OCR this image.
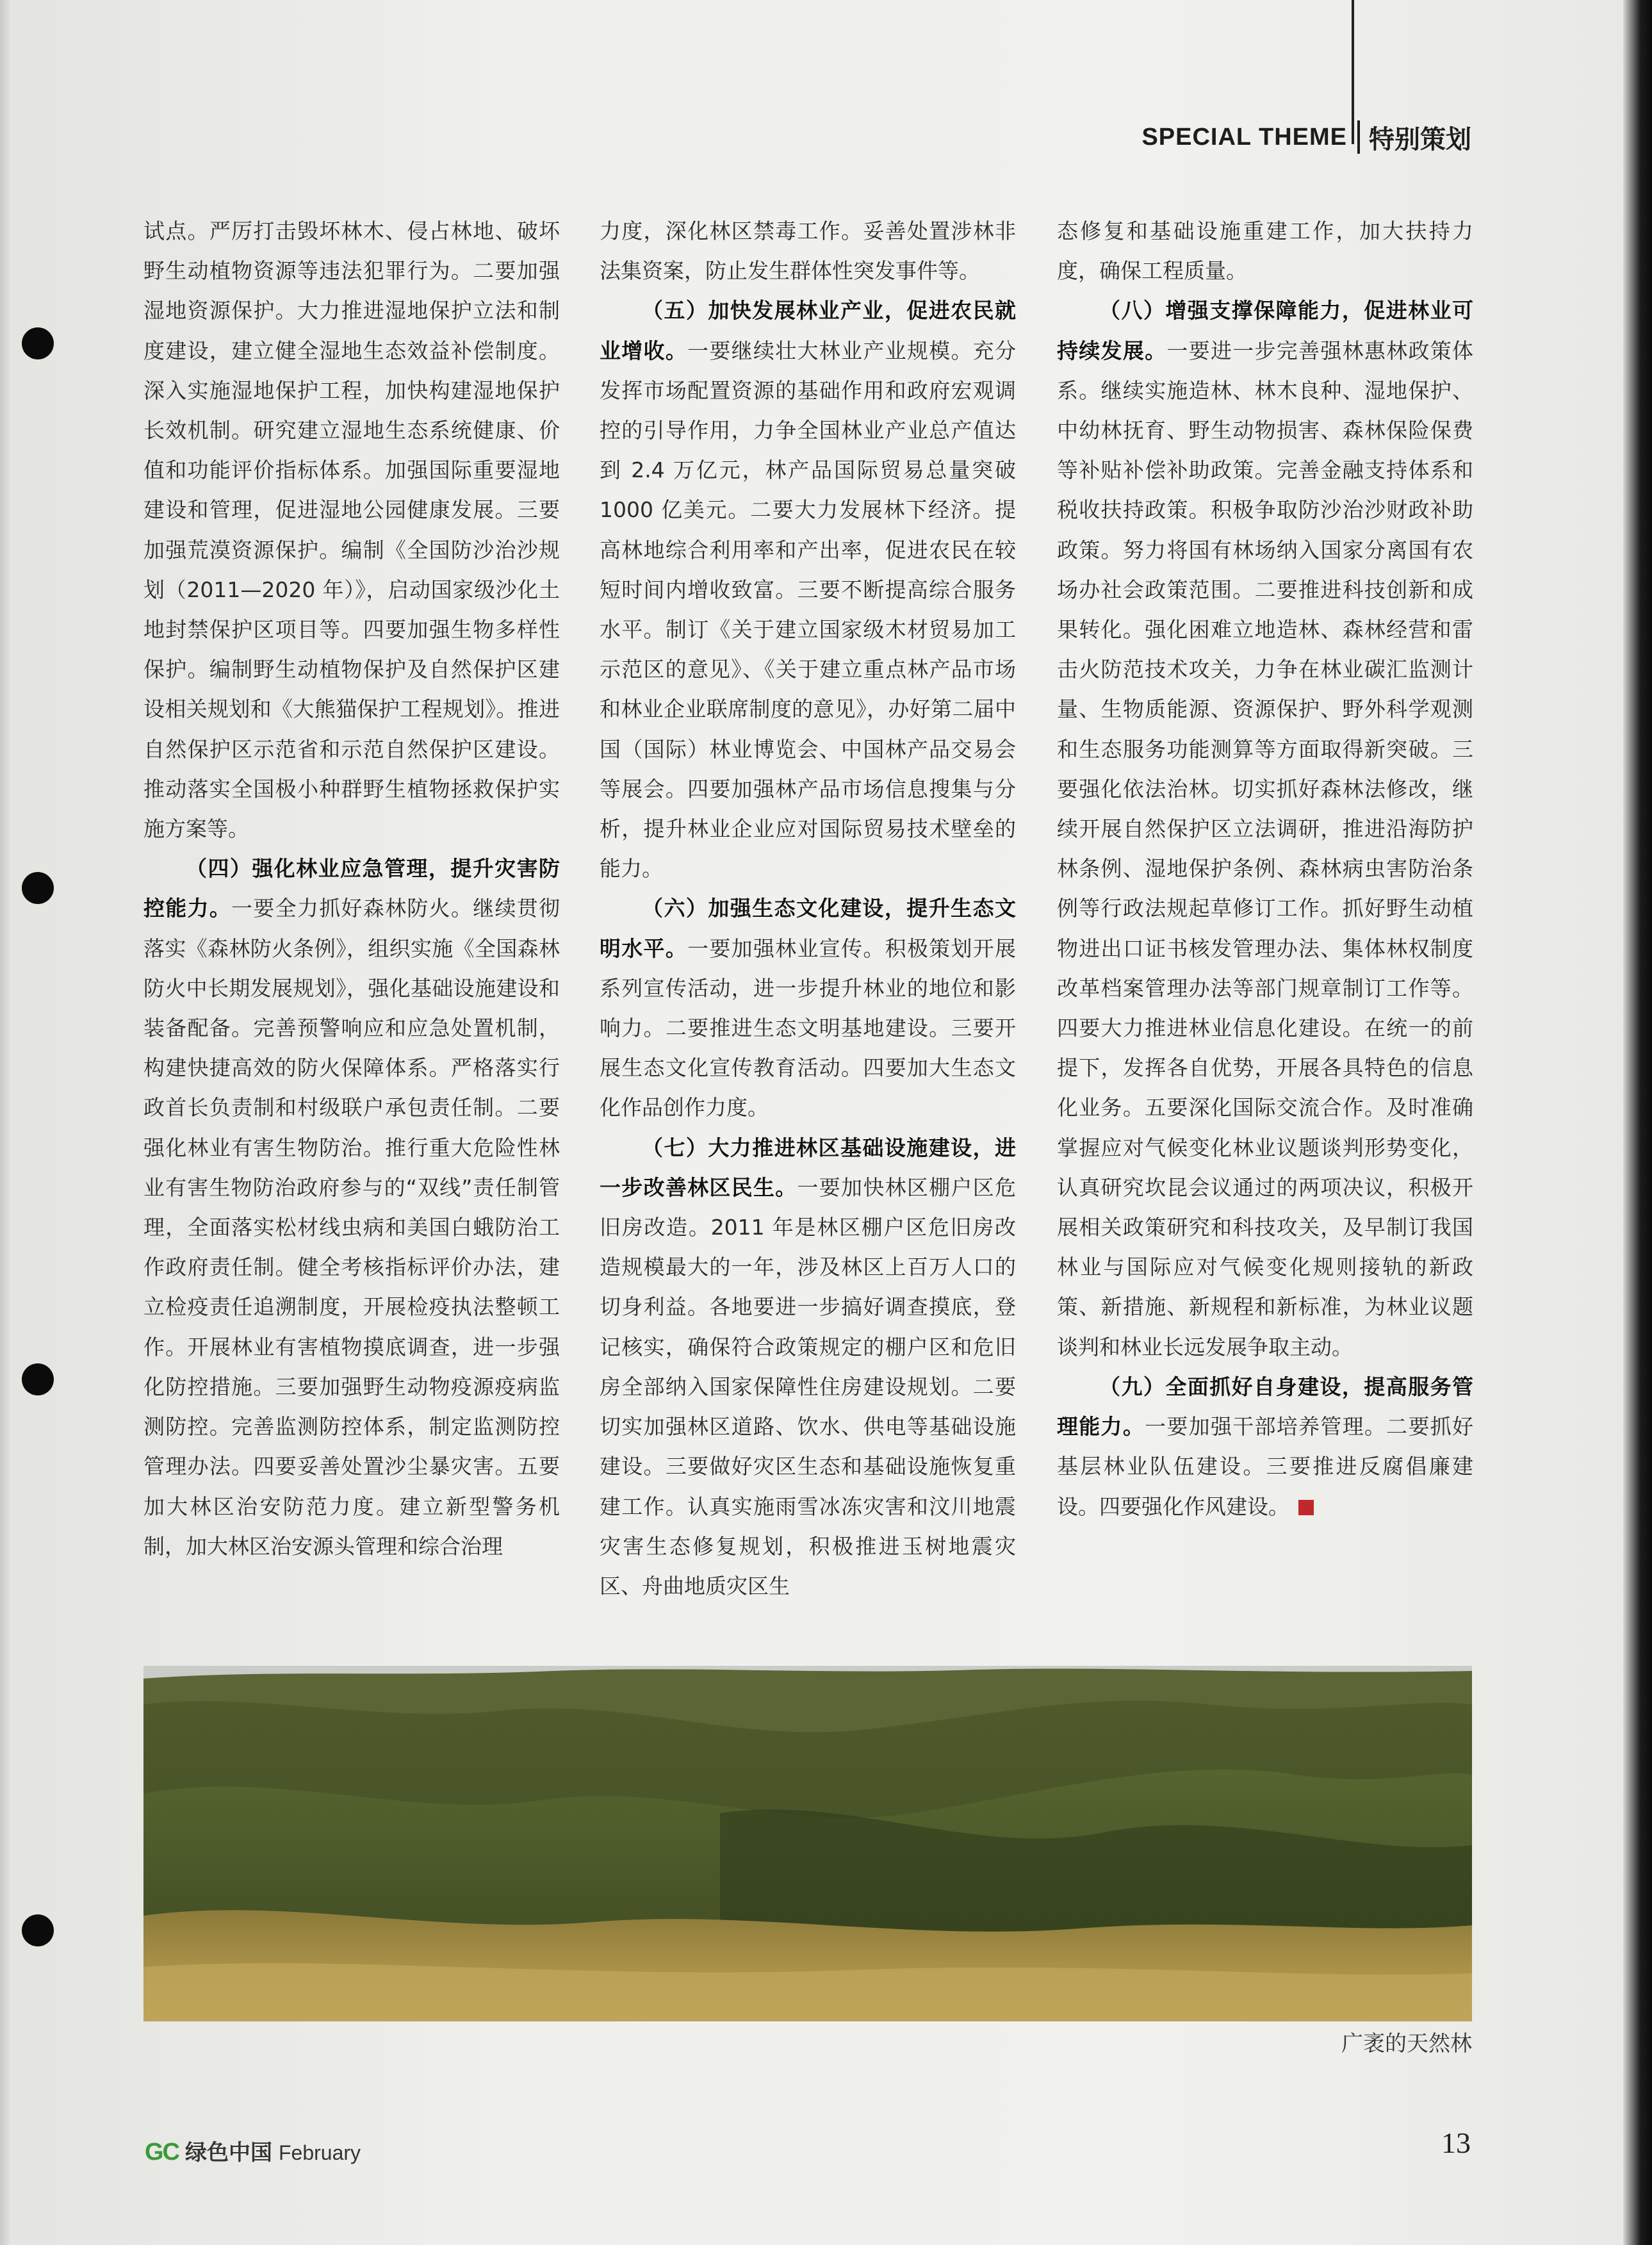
SPECIAL THEME 特别策划

试点。严厉打击毁坏林木、侵占林地、破坏野生动植物资源等违法犯罪行为。二要加强湿地资源保护。大力推进湿地保护立法和制度建设，建立健全湿地生态效益补偿制度。深入实施湿地保护工程，加快构建湿地保护长效机制。研究建立湿地生态系统健康、价值和功能评价指标体系。加强国际重要湿地建设和管理，促进湿地公园健康发展。三要加强荒漠资源保护。编制《全国防沙治沙规划（2011—2020 年）》，启动国家级沙化土地封禁保护区项目等。四要加强生物多样性保护。编制野生动植物保护及自然保护区建设相关规划和《大熊猫保护工程规划》。推进自然保护区示范省和示范自然保护区建设。推动落实全国极小种群野生植物拯救保护实施方案等。

（四）强化林业应急管理，提升灾害防控能力。一要全力抓好森林防火。继续贯彻落实《森林防火条例》，组织实施《全国森林防火中长期发展规划》，强化基础设施建设和装备配备。完善预警响应和应急处置机制，构建快捷高效的防火保障体系。严格落实行政首长负责制和村级联户承包责任制。二要强化林业有害生物防治。推行重大危险性林业有害生物防治政府参与的“双线”责任制管理，全面落实松材线虫病和美国白蛾防治工作政府责任制。健全考核指标评价办法，建立检疫责任追溯制度，开展检疫执法整顿工作。开展林业有害植物摸底调查，进一步强化防控措施。三要加强野生动物疫源疫病监测防控。完善监测防控体系，制定监测防控管理办法。四要妥善处置沙尘暴灾害。五要加大林区治安防范力度。建立新型警务机制，加大林区治安源头管理和综合治理

力度，深化林区禁毒工作。妥善处置涉林非法集资案，防止发生群体性突发事件等。

（五）加快发展林业产业，促进农民就业增收。一要继续壮大林业产业规模。充分发挥市场配置资源的基础作用和政府宏观调控的引导作用，力争全国林业产业总产值达到 2.4 万亿元，林产品国际贸易总量突破 1000 亿美元。二要大力发展林下经济。提高林地综合利用率和产出率，促进农民在较短时间内增收致富。三要不断提高综合服务水平。制订《关于建立国家级木材贸易加工示范区的意见》、《关于建立重点林产品市场和林业企业联席制度的意见》，办好第二届中国（国际）林业博览会、中国林产品交易会等展会。四要加强林产品市场信息搜集与分析，提升林业企业应对国际贸易技术壁垒的能力。

（六）加强生态文化建设，提升生态文明水平。一要加强林业宣传。积极策划开展系列宣传活动，进一步提升林业的地位和影响力。二要推进生态文明基地建设。三要开展生态文化宣传教育活动。四要加大生态文化作品创作力度。

（七）大力推进林区基础设施建设，进一步改善林区民生。一要加快林区棚户区危旧房改造。2011 年是林区棚户区危旧房改造规模最大的一年，涉及林区上百万人口的切身利益。各地要进一步搞好调查摸底，登记核实，确保符合政策规定的棚户区和危旧房全部纳入国家保障性住房建设规划。二要切实加强林区道路、饮水、供电等基础设施建设。三要做好灾区生态和基础设施恢复重建工作。认真实施雨雪冰冻灾害和汶川地震灾害生态修复规划，积极推进玉树地震灾区、舟曲地质灾区生

态修复和基础设施重建工作，加大扶持力度，确保工程质量。

（八）增强支撑保障能力，促进林业可持续发展。一要进一步完善强林惠林政策体系。继续实施造林、林木良种、湿地保护、中幼林抚育、野生动物损害、森林保险保费等补贴补偿补助政策。完善金融支持体系和税收扶持政策。积极争取防沙治沙财政补助政策。努力将国有林场纳入国家分离国有农场办社会政策范围。二要推进科技创新和成果转化。强化困难立地造林、森林经营和雷击火防范技术攻关，力争在林业碳汇监测计量、生物质能源、资源保护、野外科学观测和生态服务功能测算等方面取得新突破。三要强化依法治林。切实抓好森林法修改，继续开展自然保护区立法调研，推进沿海防护林条例、湿地保护条例、森林病虫害防治条例等行政法规起草修订工作。抓好野生动植物进出口证书核发管理办法、集体林权制度改革档案管理办法等部门规章制订工作等。四要大力推进林业信息化建设。在统一的前提下，发挥各自优势，开展各具特色的信息化业务。五要深化国际交流合作。及时准确掌握应对气候变化林业议题谈判形势变化，认真研究坎昆会议通过的两项决议，积极开展相关政策研究和科技攻关，及早制订我国林业与国际应对气候变化规则接轨的新政策、新措施、新规程和新标准，为林业议题谈判和林业长远发展争取主动。

（九）全面抓好自身建设，提高服务管理能力。一要加强干部培养管理。二要抓好基层林业队伍建设。三要推进反腐倡廉建设。四要强化作风建设。

广袤的天然林
GC 绿色中国 February	13
